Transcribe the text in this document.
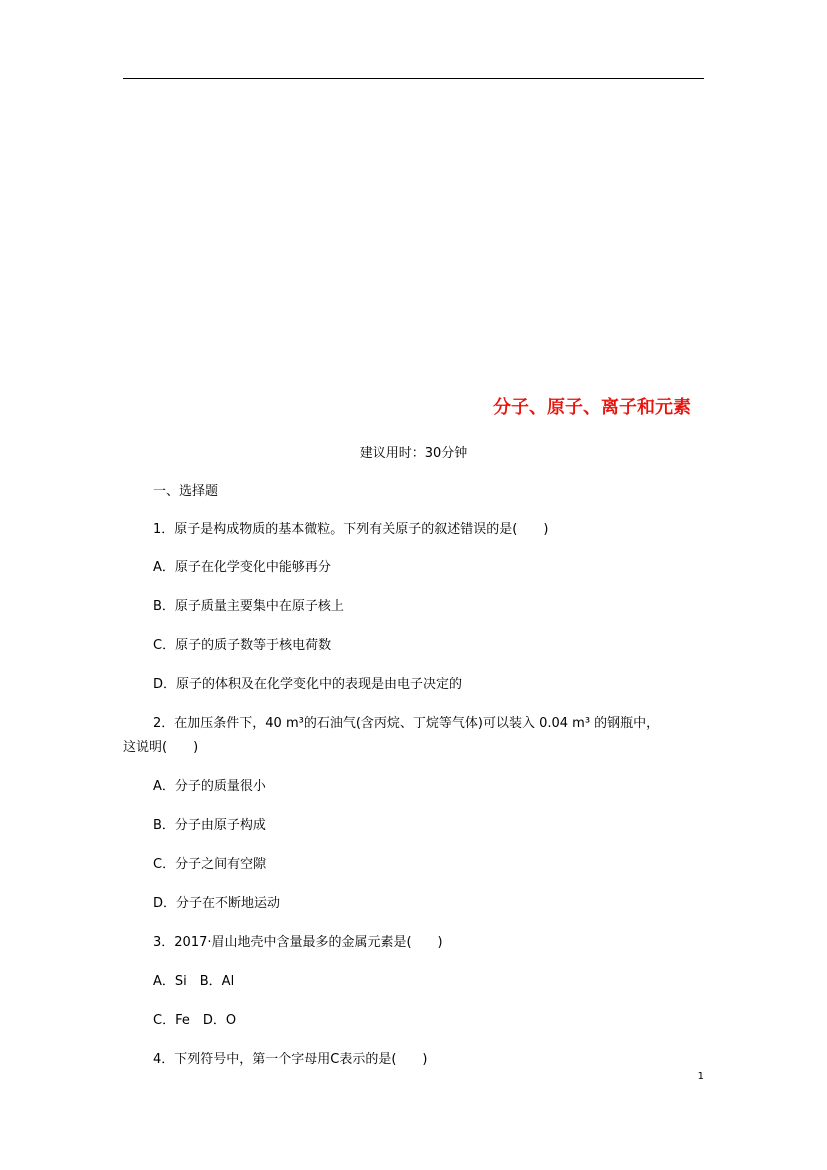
分子、原子、离子和元素
建议用时：30分钟
一、选择题
1．原子是构成物质的基本微粒。下列有关原子的叙述错误的是(　　)
A．原子在化学变化中能够再分
B．原子质量主要集中在原子核上
C．原子的质子数等于核电荷数
D．原子的体积及在化学变化中的表现是由电子决定的
2．在加压条件下，40 m³的石油气(含丙烷、丁烷等气体)可以装入 0.04 m³ 的钢瓶中，
这说明(　　)
A．分子的质量很小
B．分子由原子构成
C．分子之间有空隙
D．分子在不断地运动
3．2017·眉山地壳中含量最多的金属元素是(　　)
A．Si　B．Al
C．Fe　D．O
4．下列符号中，第一个字母用C表示的是(　　)
1
